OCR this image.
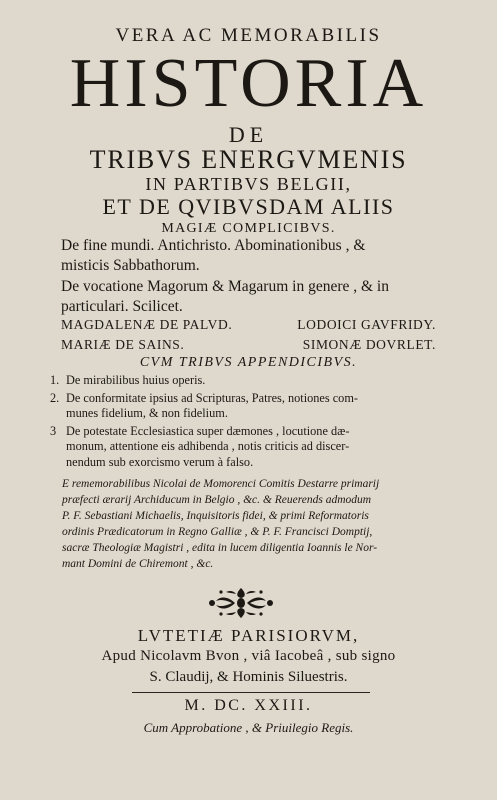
VERA AC MEMORABILIS
HISTORIA
DE
TRIBVS ENERGVMENIS
IN PARTIBVS BELGII,
ET DE QVIBVSDAM ALIIS
MAGIÆ COMPLICIBVS.
De fine mundi. Antichristo. Abominationibus , &
misticis Sabbathorum.
De vocatione Magorum & Magarum in genere , & in
particulari. Scilicet.
MAGDALENÆ DE PALVD.	LODOICI GAVFRIDY.
MARIÆ DE SAINS.	SIMONÆ DOVRLET.
CVM TRIBVS APPENDICIBVS.
1. De mirabilibus huius operis.
2. De conformitate ipsius ad Scripturas, Patres, notiones com-
munes fidelium, & non fidelium.
3 De potestate Ecclesiastica super dæmones , locutione dæ-
monum, attentione eis adhibenda , notis criticis ad discer-
nendum sub exorcismo verum à falso.
E rememorabilibus Nicolai de Momorenci Comitis Destarre primarij
præfecti ærarij Archiducum in Belgio , &c. & Reuerends admodum
P. F. Sebastiani Michaelis, Inquisitoris fidei, & primi Reformatoris
ordinis Prædicatorum in Regno Galliæ , & P. F. Francisci Domptij,
sacræ Theologiæ Magistri , edita in lucem diligentia Ioannis le Nor-
mant Domini de Chiremont , &c.
LVTETIÆ PARISIORVM,
Apud Nicolavm Bvon , viâ Iacobeâ , sub signo
S. Claudij, & Hominis Siluestris.
M. DC. XXIII.
Cum Approbatione , & Priuilegio Regis.
